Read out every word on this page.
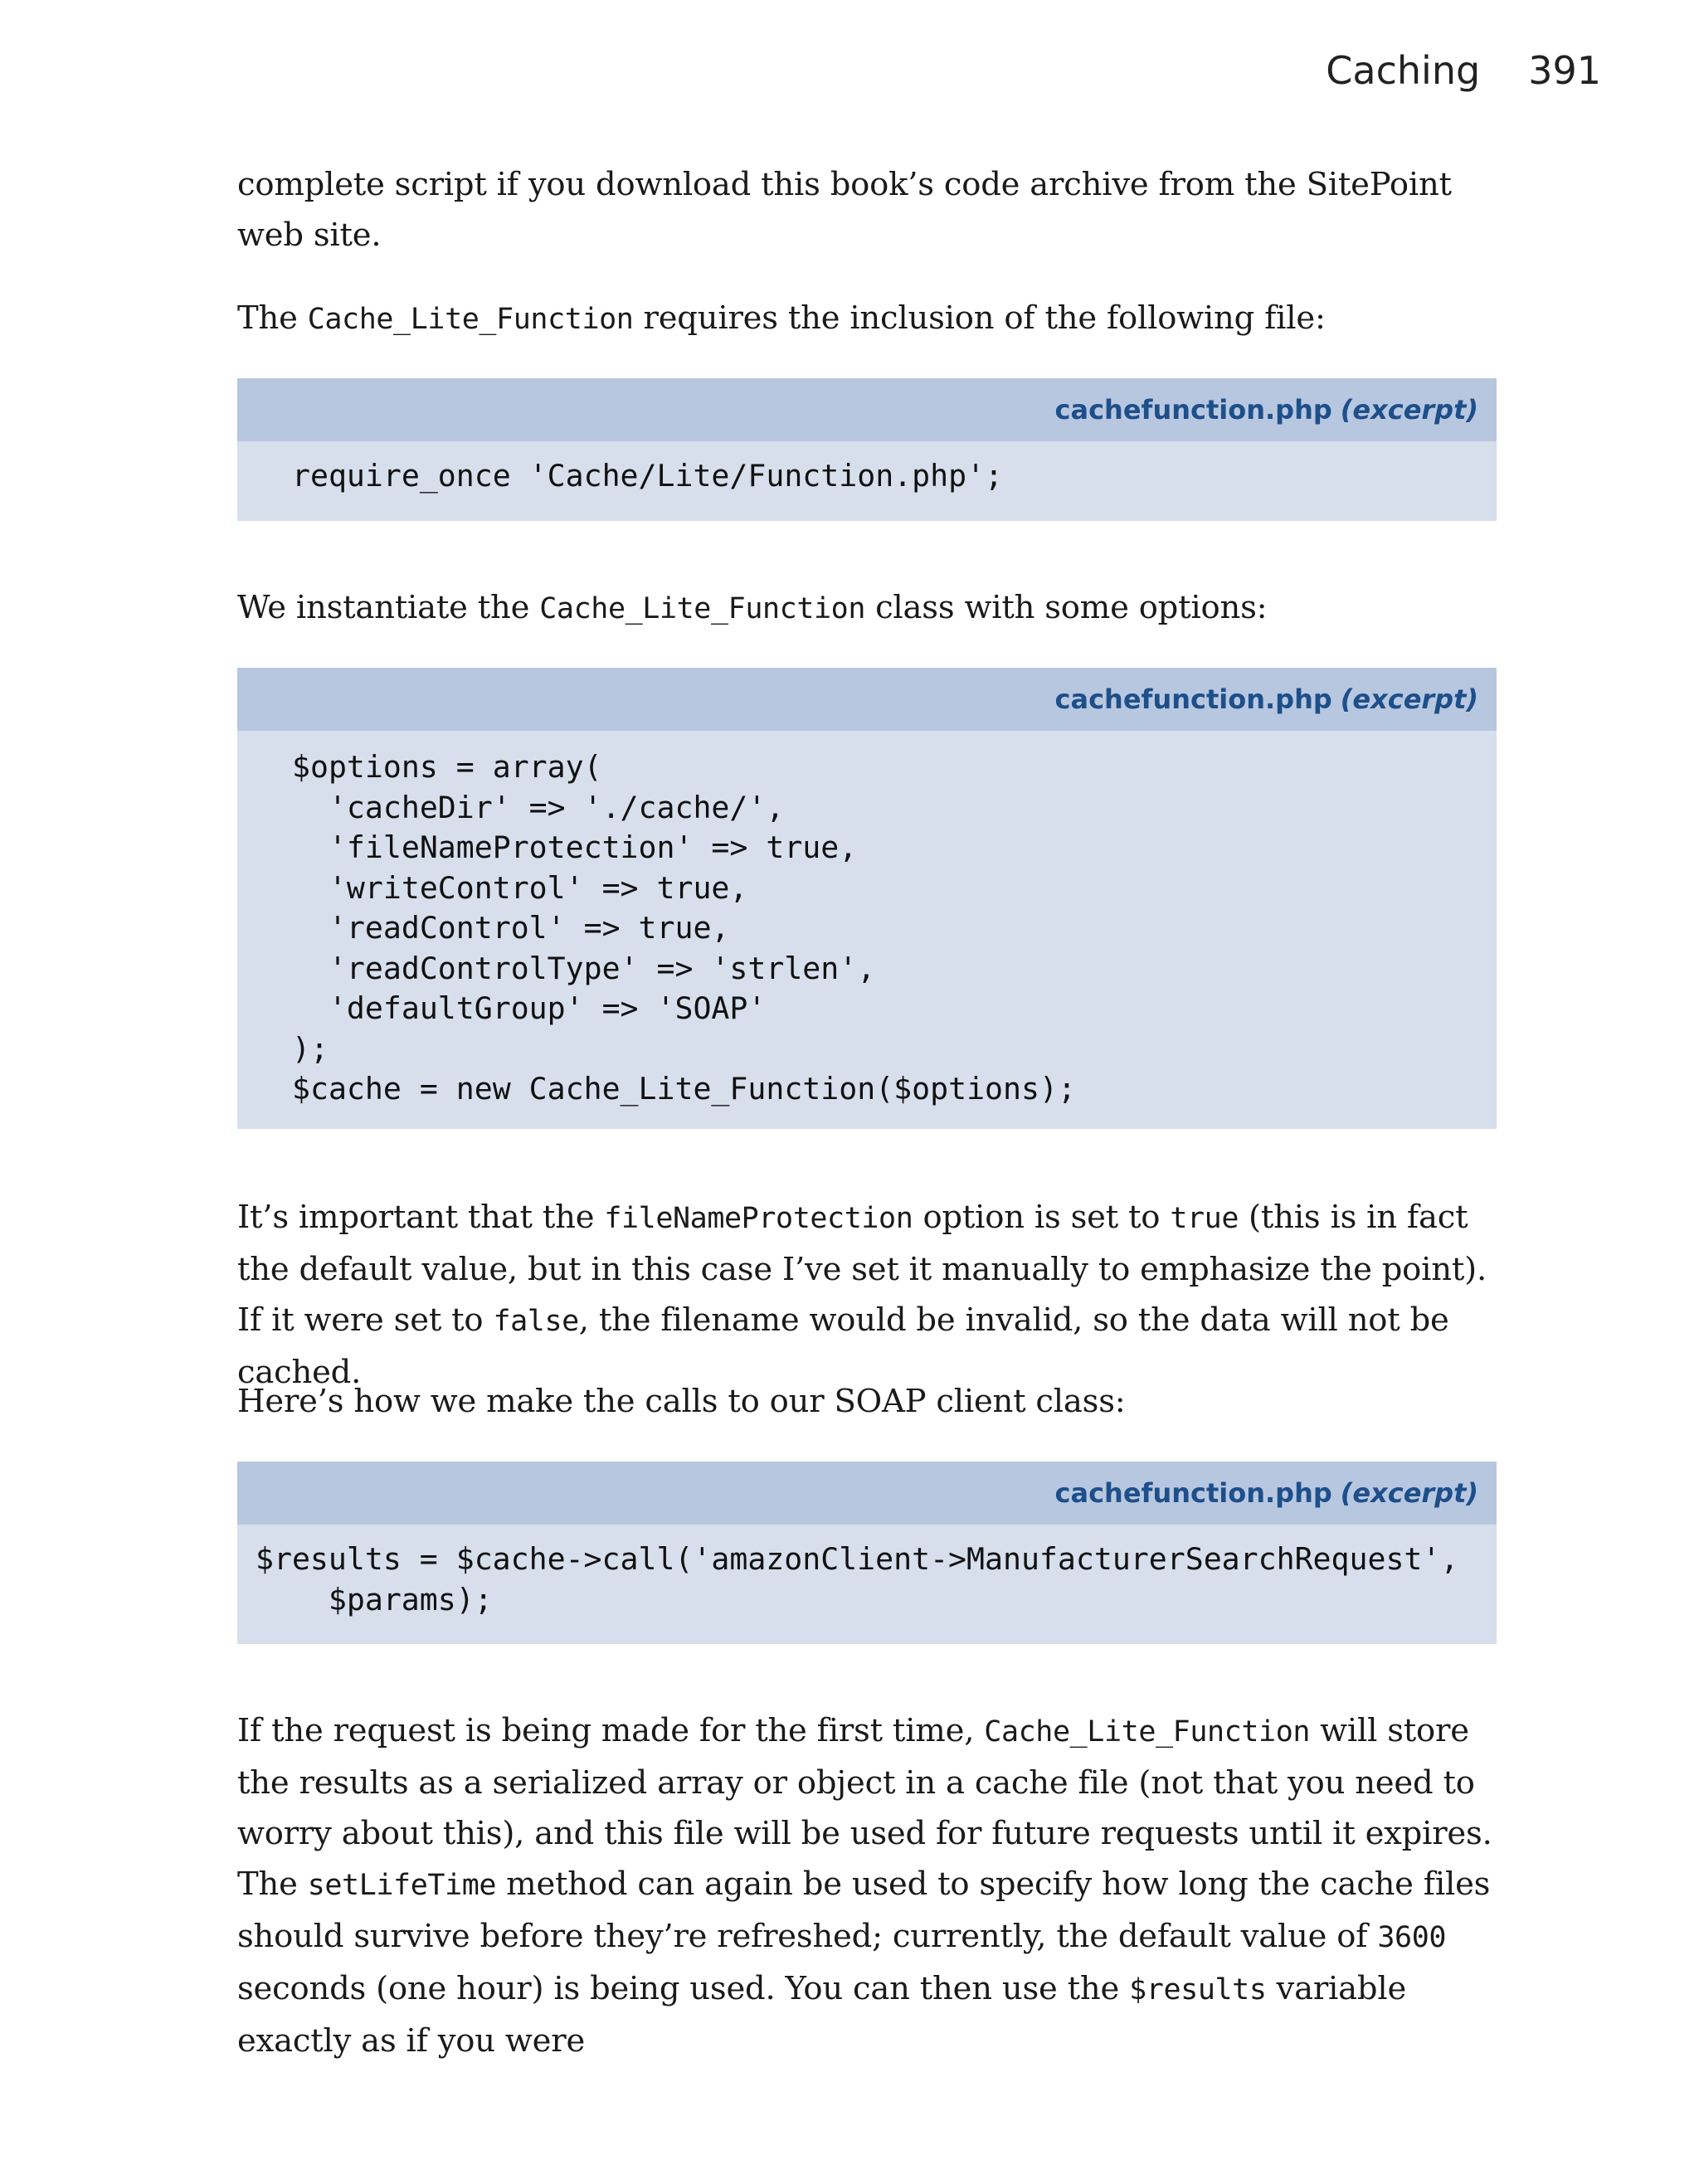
Caching 391

complete script if you download this book’s code archive from the SitePoint web site.

The Cache_Lite_Function requires the inclusion of the following file:

cachefunction.php (excerpt)
require_once 'Cache/Lite/Function.php';

We instantiate the Cache_Lite_Function class with some options:

cachefunction.php (excerpt)
$options = array(
'cacheDir' => './cache/',
'fileNameProtection' => true,
'writeControl' => true,
'readControl' => true,
'readControlType' => 'strlen',
'defaultGroup' => 'SOAP'
);
$cache = new Cache_Lite_Function($options);

It’s important that the fileNameProtection option is set to true (this is in fact the default value, but in this case I’ve set it manually to emphasize the point). If it were set to false, the filename would be invalid, so the data will not be cached.

Here’s how we make the calls to our SOAP client class:

cachefunction.php (excerpt)
$results = $cache->call('amazonClient->ManufacturerSearchRequest',
$params);

If the request is being made for the first time, Cache_Lite_Function will store the results as a serialized array or object in a cache file (not that you need to worry about this), and this file will be used for future requests until it expires. The setLifeTime method can again be used to specify how long the cache files should survive before they’re refreshed; currently, the default value of 3600 seconds (one hour) is being used. You can then use the $results variable exactly as if you were
